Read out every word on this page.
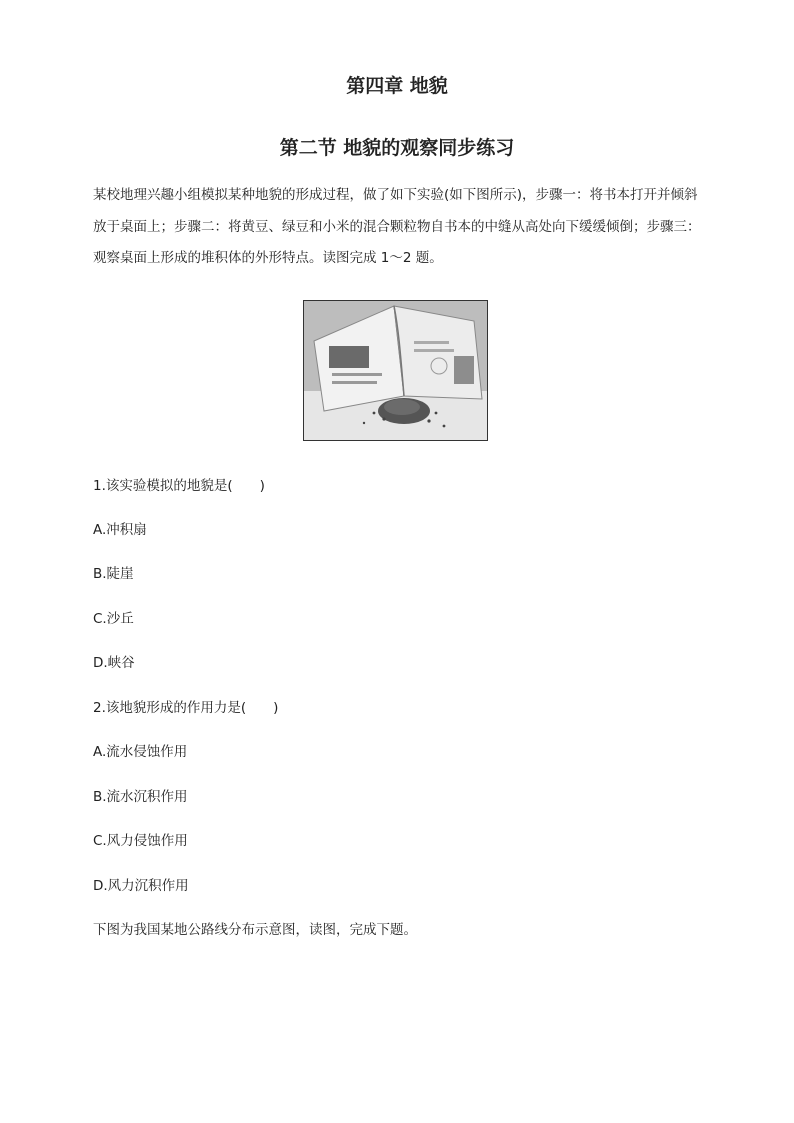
第四章 地貌
第二节 地貌的观察同步练习

某校地理兴趣小组模拟某种地貌的形成过程，做了如下实验(如下图所示)，步骤一：将书本打开并倾斜放于桌面上；步骤二：将黄豆、绿豆和小米的混合颗粒物自书本的中缝从高处向下缓缓倾倒；步骤三：观察桌面上形成的堆积体的外形特点。读图完成 1～2 题。

1.该实验模拟的地貌是(　　)
A.冲积扇
B.陡崖
C.沙丘
D.峡谷
2.该地貌形成的作用力是(　　)
A.流水侵蚀作用
B.流水沉积作用
C.风力侵蚀作用
D.风力沉积作用
下图为我国某地公路线分布示意图，读图，完成下题。
